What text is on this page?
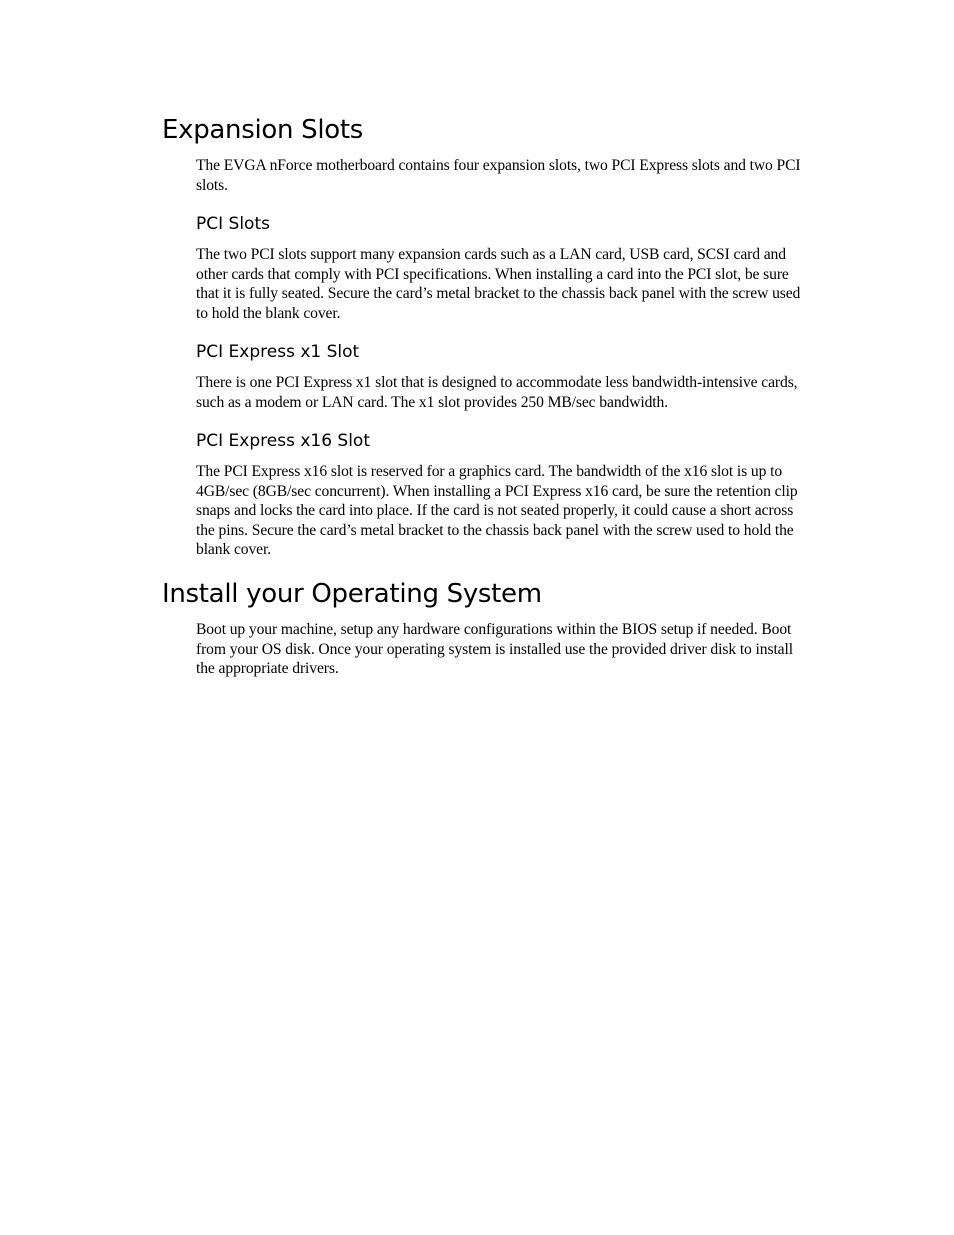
Expansion Slots

The EVGA nForce motherboard contains four expansion slots, two PCI Express slots and two PCI slots.

PCI Slots

The two PCI slots support many expansion cards such as a LAN card, USB card, SCSI card and other cards that comply with PCI specifications. When installing a card into the PCI slot, be sure that it is fully seated. Secure the card’s metal bracket to the chassis back panel with the screw used to hold the blank cover.

PCI Express x1 Slot

There is one PCI Express x1 slot that is designed to accommodate less bandwidth-intensive cards, such as a modem or LAN card. The x1 slot provides 250 MB/sec bandwidth.

PCI Express x16 Slot

The PCI Express x16 slot is reserved for a graphics card. The bandwidth of the x16 slot is up to 4GB/sec (8GB/sec concurrent). When installing a PCI Express x16 card, be sure the retention clip snaps and locks the card into place. If the card is not seated properly, it could cause a short across the pins. Secure the card’s metal bracket to the chassis back panel with the screw used to hold the blank cover.

Install your Operating System

Boot up your machine, setup any hardware configurations within the BIOS setup if needed. Boot from your OS disk. Once your operating system is installed use the provided driver disk to install the appropriate drivers.
